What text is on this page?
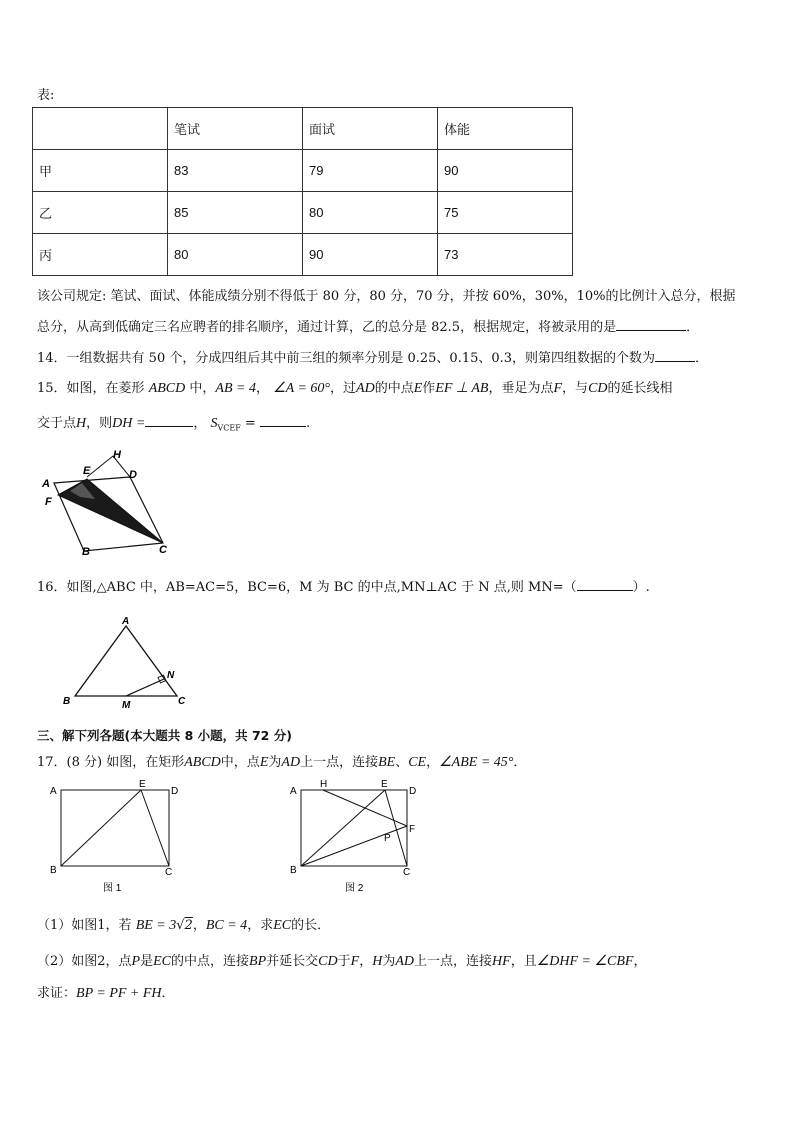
表:
	笔试	面试	体能
甲	83	79	90
乙	85	80	75
丙	80	90	73
该公司规定: 笔试、面试、体能成绩分别不得低于 80 分，80 分，70 分，并按 60%，30%，10%的比例计入总分，根据
总分，从高到低确定三名应聘者的排名顺序，通过计算，乙的总分是 82.5，根据规定，将被录用的是	．
14．一组数据共有 50 个，分成四组后其中前三组的频率分别是 0.25、0.15、0.3，则第四组数据的个数为	．
15．如图，在菱形 ABCD 中，AB = 4， ∠A = 60°，过AD的中点E作EF ⊥ AB，垂足为点F，与CD的延长线相
交于点H，则DH =	， $S_{VCEF}$ =	.
A
F
E
H
D
C
B
16．如图,△ABC 中，AB=AC=5，BC=6，M 为 BC 的中点,MN⊥AC 于 N 点,则 MN=（	）.
A
B	C
M
N
三、解下列各题(本大题共 8 小题，共 72 分)
17．(8 分) 如图，在矩形ABCD中，点E为AD上一点，连接BE、CE，∠ABE = 45°．
A
E
D
B	C
图 1
A
H	E
D
F
P
B	C
图 2
（1）如图1，若 BE = 3√2，BC = 4，求EC的长．
（2）如图2，点P是EC的中点，连接BP并延长交CD于F，H为AD上一点，连接HF，且∠DHF = ∠CBF，
求证：BP = PF + FH．
